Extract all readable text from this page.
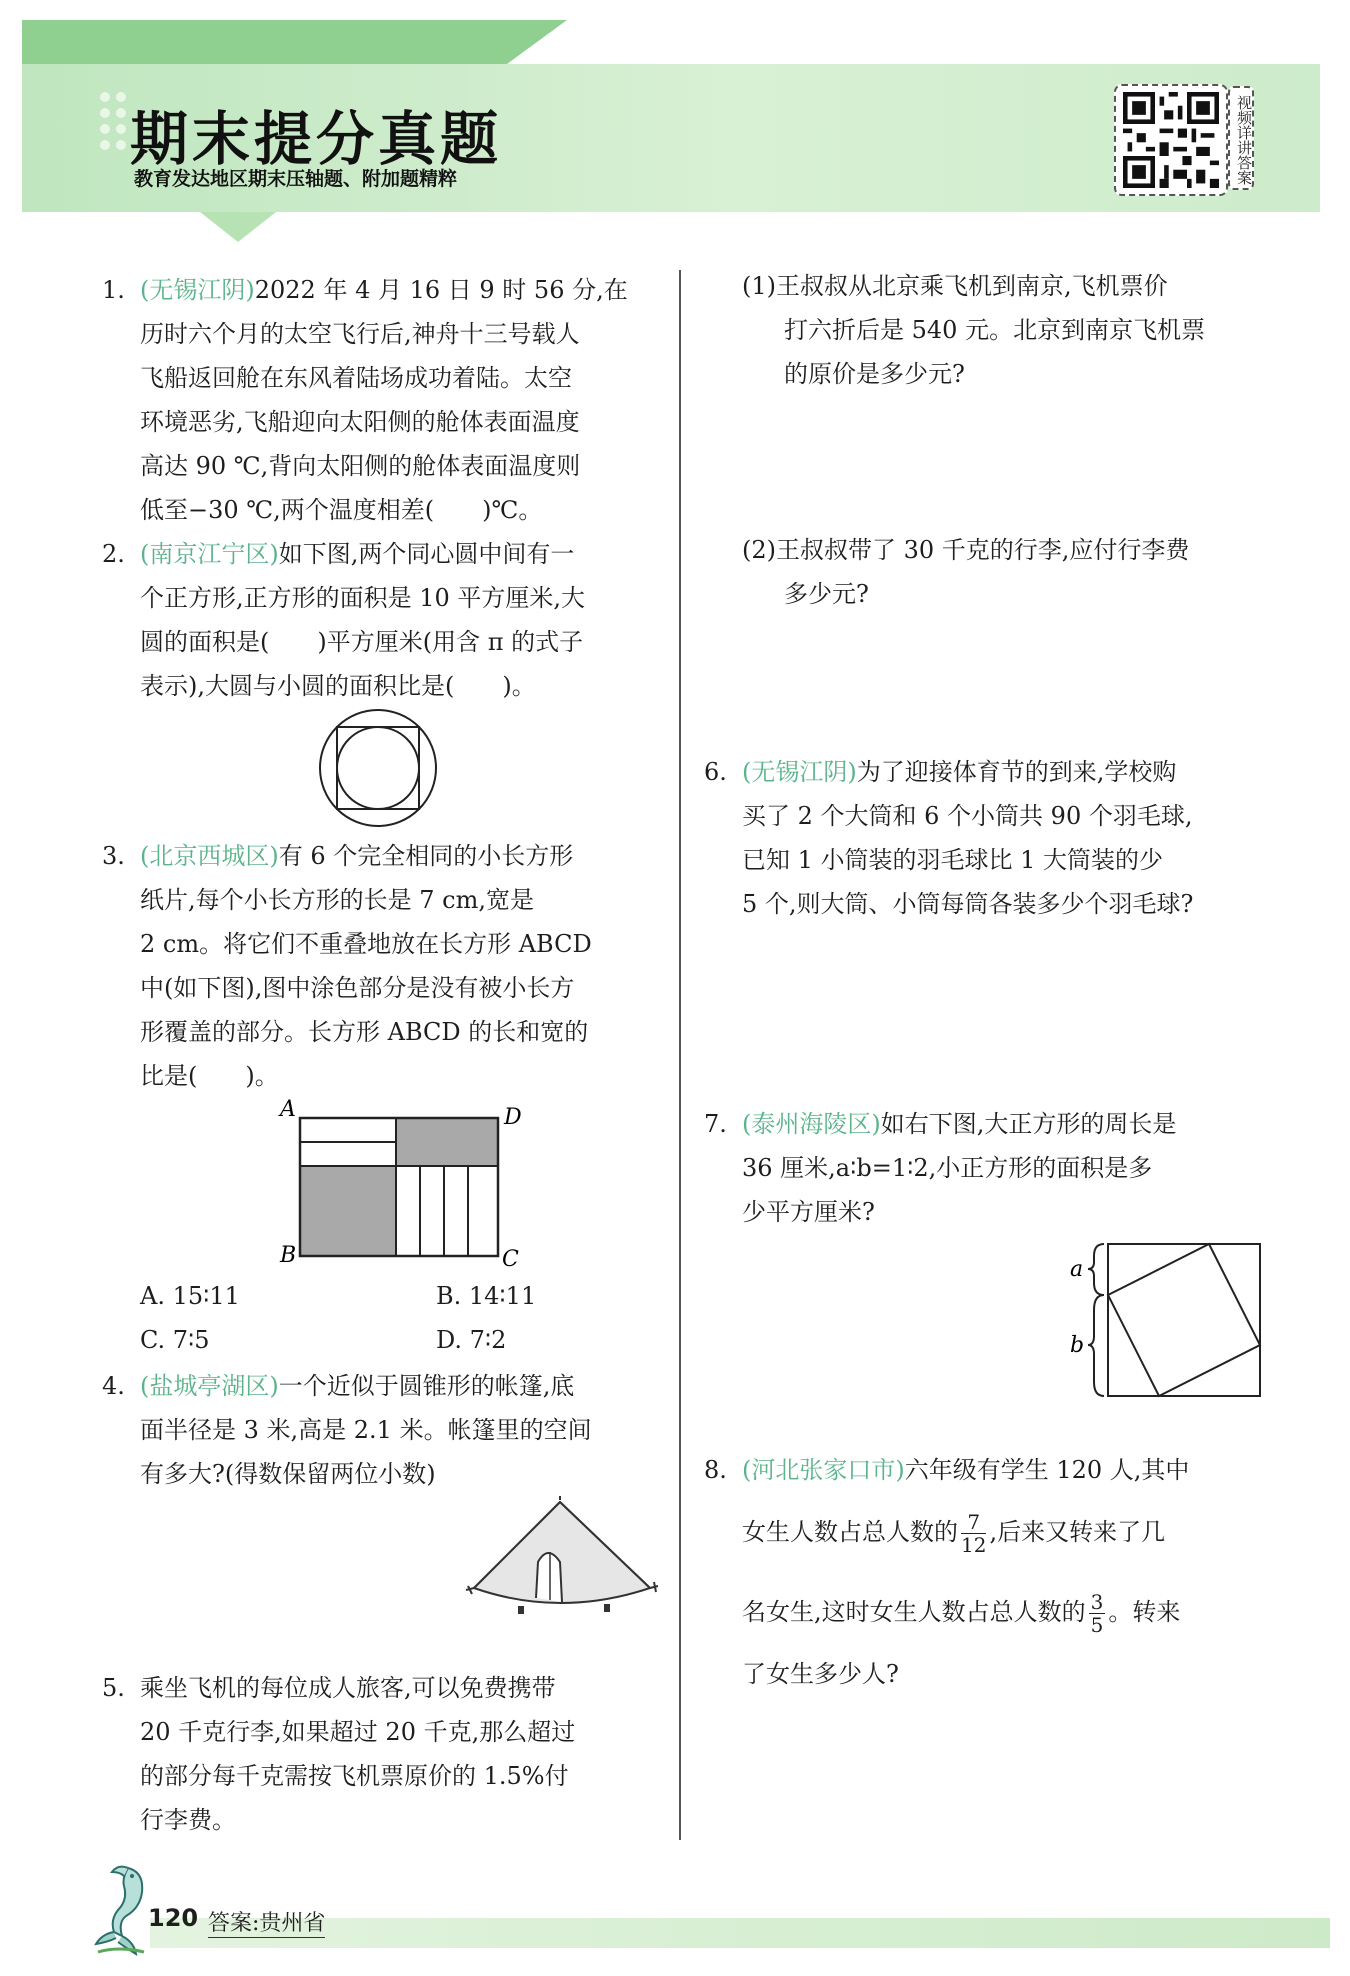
期末提分真题
教育发达地区期末压轴题、附加题精粹	视频详讲答案
1. (无锡江阴)2022 年 4 月 16 日 9 时 56 分,在
历时六个月的太空飞行后,神舟十三号载人
飞船返回舱在东风着陆场成功着陆。太空
环境恶劣,飞船迎向太阳侧的舱体表面温度
高达 90 ℃,背向太阳侧的舱体表面温度则
低至−30 ℃,两个温度相差(　　)℃。
2. (南京江宁区)如下图,两个同心圆中间有一
个正方形,正方形的面积是 10 平方厘米,大
圆的面积是(　　)平方厘米(用含 π 的式子
表示),大圆与小圆的面积比是(　　)。
3. (北京西城区)有 6 个完全相同的小长方形
纸片,每个小长方形的长是 7 cm,宽是
2 cm。将它们不重叠地放在长方形 ABCD
中(如下图),图中涂色部分是没有被小长方
形覆盖的部分。长方形 ABCD 的长和宽的
比是(　　)。
A
B	C
D
A. 15∶11	B. 14∶11
C. 7∶5	D. 7∶2
4. (盐城亭湖区)一个近似于圆锥形的帐篷,底
面半径是 3 米,高是 2.1 米。帐篷里的空间
有多大?(得数保留两位小数)
5. 乘坐飞机的每位成人旅客,可以免费携带
20 千克行李,如果超过 20 千克,那么超过
的部分每千克需按飞机票原价的 1.5%付
行李费。
(1)王叔叔从北京乘飞机到南京,飞机票价
打六折后是 540 元。北京到南京飞机票
的原价是多少元?
(2)王叔叔带了 30 千克的行李,应付行李费
多少元?
6. (无锡江阴)为了迎接体育节的到来,学校购
买了 2 个大筒和 6 个小筒共 90 个羽毛球,
已知 1 小筒装的羽毛球比 1 大筒装的少
5 个,则大筒、小筒每筒各装多少个羽毛球?
7. (泰州海陵区)如右下图,大正方形的周长是
36 厘米,a∶b=1∶2,小正方形的面积是多
少平方厘米?
a
b
8. (河北张家口市)六年级有学生 120 人,其中
女生人数占总人数的 $\frac{7}{12}$ ,后来又转来了几
名女生,这时女生人数占总人数的 $\frac{3}{5}$ 。转来
了女生多少人?
120 答案:贵州省
